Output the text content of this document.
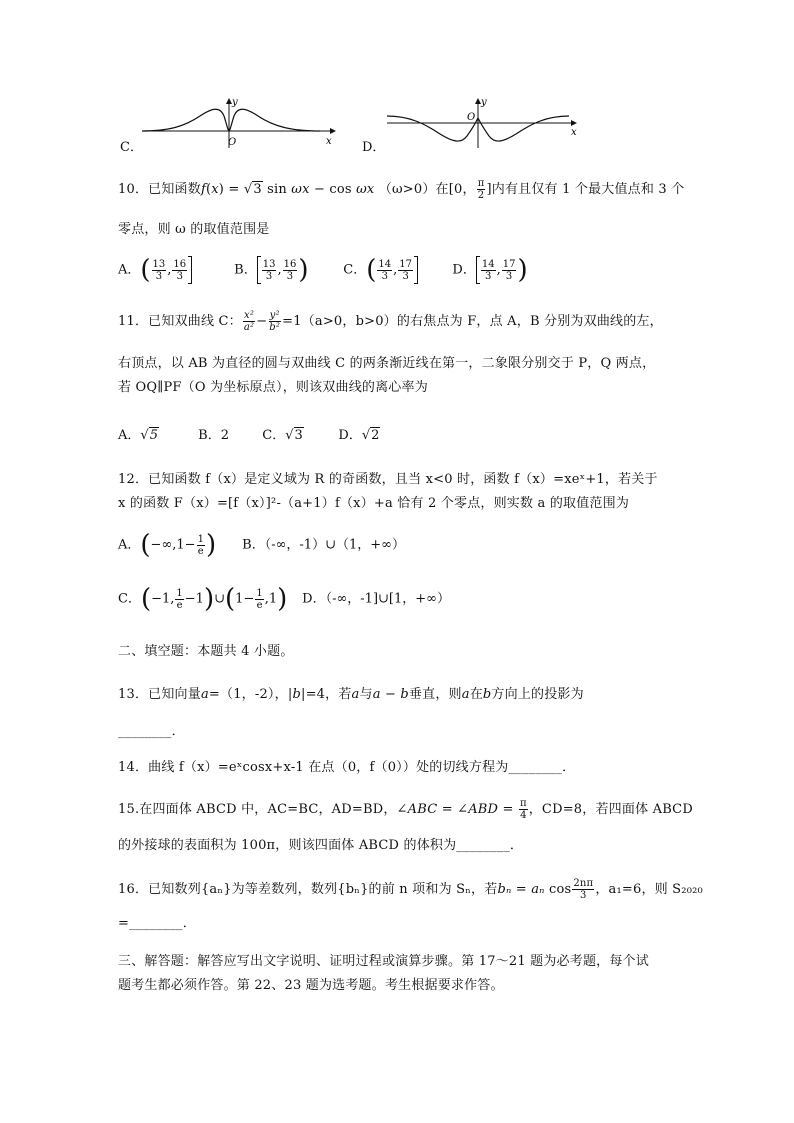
C．
y
x
O	D．
y
x
O
10．已知函数f(x) = √3 sin ωx − cos ωx （ω>0）在[0， $\frac{\pi}{2}$ ]内有且仅有 1 个最大值点和 3 个
零点，则 ω 的取值范围是
A．( $\frac{13}{3}$ , $\frac{16}{3}$	B． $\frac{13}{3}$ , $\frac{16}{3}$ )	C．( $\frac{14}{3}$ , $\frac{17}{3}$	D． $\frac{14}{3}$ , $\frac{17}{3}$ )
11．已知双曲线 C： $\frac{\text{x²}}{\text{a²}} - \frac{\text{y²}}{\text{b²}} =1(a>0$，b>0）的右焦点为 F，点 A，B 分别为双曲线的左，
右顶点，以 AB 为直径的圆与双曲线 C 的两条渐近线在第一，二象限分别交于 P，Q 两点，
若 OQ∥PF（O 为坐标原点），则该双曲线的离心率为
A．√5	B．2	C．√3	D．√2
12．已知函数 f（x）是定义域为 R 的奇函数，且当 x<0 时，函数 f（x）=xeˣ+1，若关于
x 的函数 F（x）=[f（x）]²-（a+1）f（x）+a 恰有 2 个零点，则实数 a 的取值范围为
A．($-\infty,1- \frac{1}{e}$ ) B．（-∞，-1）∪（1，+∞）
C．(−1, $\frac{1}{e}$ −1)∪(1− $\frac{1}{e} ,1$) D．（-∞，-1]∪[1，+∞）
二、填空题：本题共 4 小题。
13．已知向量a=（1，-2），|b|=4，若a与a − b垂直，则a在b方向上的投影为
________．
14．曲线 f（x）=eˣcosx+x-1 在点（0，f（0））处的切线方程为________．
15.在四面体 ABCD 中，AC=BC，AD=BD，∠ABC = ∠ABD = $\frac{\pi}{4}$ ，CD=8，若四面体 ABCD
的外接球的表面积为 100π，则该四面体 ABCD 的体积为________．
16．已知数列{aₙ}为等差数列，数列{bₙ}的前 n 项和为 Sₙ，若bₙ = aₙ $\cos \frac{2n\pi}{3}$ ，a₁=6，则 S₂₀₂₀
=________．
三、解答题：解答应写出文字说明、证明过程或演算步骤。第 17～21 题为必考题，每个试
题考生都必须作答。第 22、23 题为选考题。考生根据要求作答。
